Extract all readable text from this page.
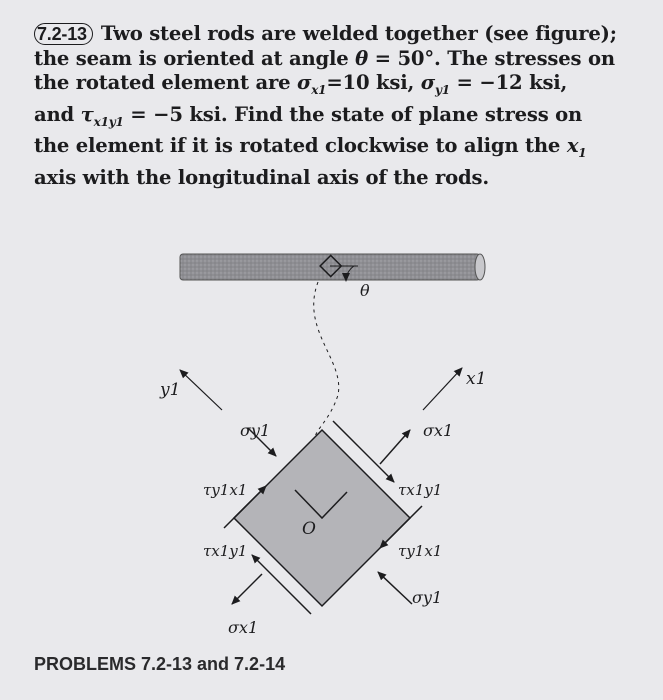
7.2-13 Two steel rods are welded together (see figure);
the seam is oriented at angle θ = 50°. The stresses on
the rotated element are $\sigma_{x1}=10$ ksi, $\sigma_{y1} = -12$ ksi,
and $\tau_{x1y1} = -5$ ksi. Find the state of plane stress on
the element if it is rotated clockwise to align the $x_1$
axis with the longitudinal axis of the rods.
θ
O
y1
x1
σy1	σx1
τy1x1	τx1y1
τx1y1	τy1x1
σy1
σx1
PROBLEMS 7.2-13 and 7.2-14
